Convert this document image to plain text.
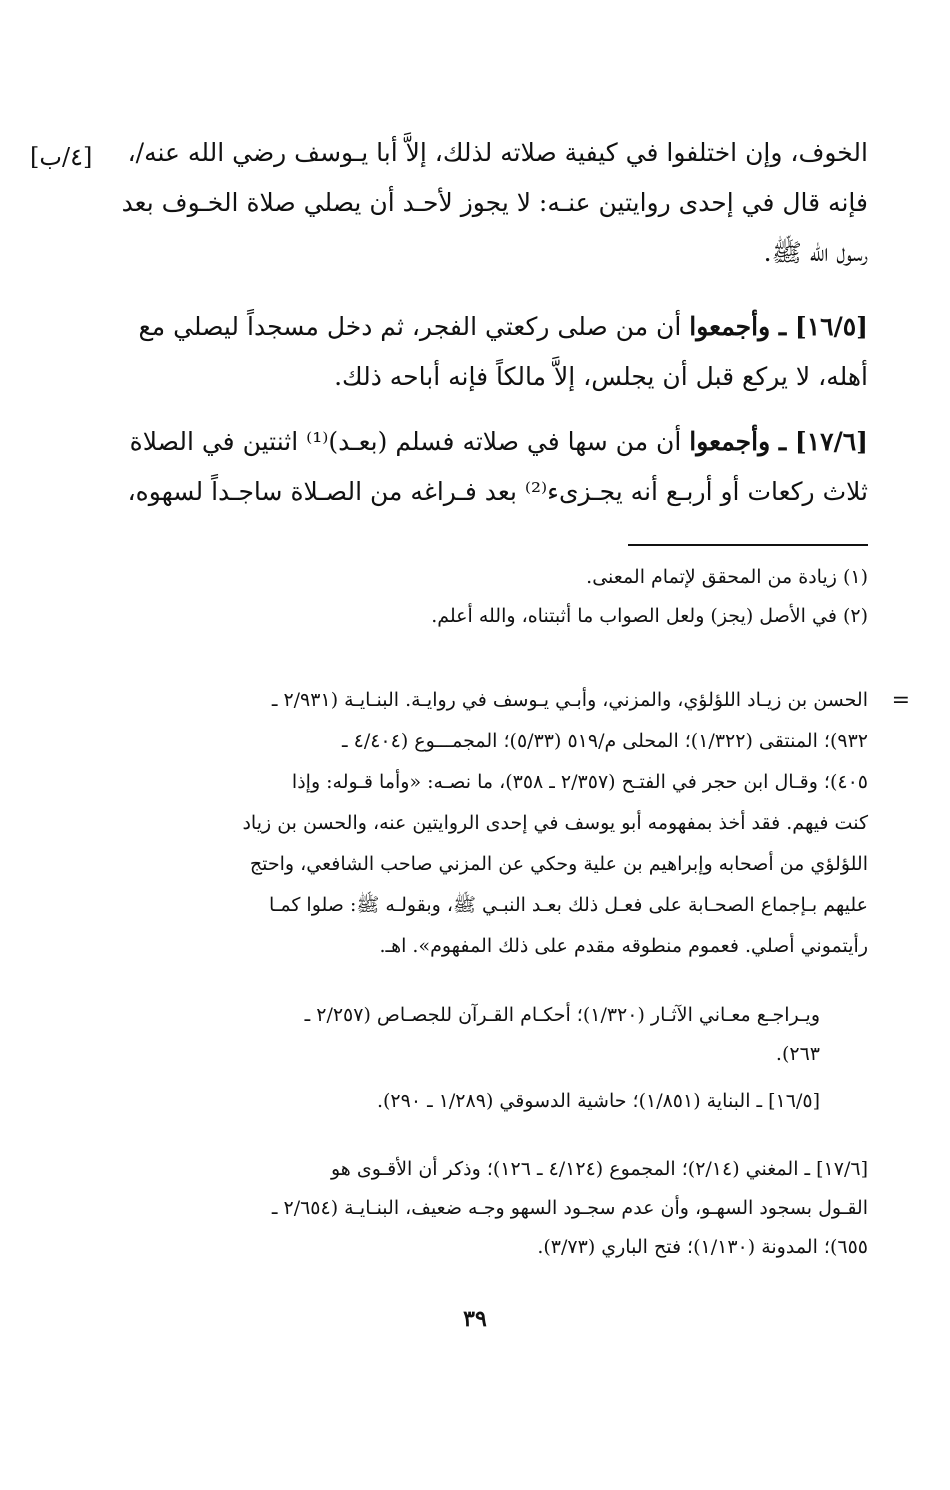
[٤/ب] الخوف، وإن اختلفوا في كيفية صلاته لذلك، إلاَّ أبا يـوسف رضي الله عنه/،
فإنه قال في إحدى روايتين عنـه: لا يجوز لأحـد أن يصلي صلاة الخـوف بعد
رسول الله ﷺ.

[١٦/٥] ـ وأجمعوا أن من صلى ركعتي الفجر، ثم دخل مسجداً ليصلي مع
أهله، لا يركع قبل أن يجلس، إلاَّ مالكاً فإنه أباحه ذلك.

[١٧/٦] ـ وأجمعوا أن من سها في صلاته فسلم (بعـد)⁽¹⁾ اثنتين في الصلاة
ثلاث ركعات أو أربـع أنه يجـزىء⁽²⁾ بعد فـراغه من الصـلاة ساجـداً لسهوه،

(١) زيادة من المحقق لإتمام المعنى.
(٢) في الأصل (يجز) ولعل الصواب ما أثبتناه، والله أعلم.

=

الحسن بن زيـاد اللؤلؤي، والمزني، وأبـي يـوسف في روايـة. البنـايـة (٢/٩٣١ ـ
٩٣٢)؛ المنتقى (١/٣٢٢)؛ المحلى م/٥١٩ (٥/٣٣)؛ المجمـــوع (٤/٤٠٤ ـ
٤٠٥)؛ وقـال ابن حجر في الفتـح (٢/٣٥٧ ـ ٣٥٨)، ما نصـه: «وأما قـوله: وإذا
كنت فيهم. فقد أخذ بمفهومه أبو يوسف في إحدى الروايتين عنه، والحسن بن زياد
اللؤلؤي من أصحابه وإبراهيم بن علية وحكي عن المزني صاحب الشافعي، واحتج
عليهم بـإجماع الصحـابة على فعـل ذلك بعـد النبـي ﷺ، وبقولـه ﷺ: صلوا كمـا
رأيتموني أصلي. فعموم منطوقه مقدم على ذلك المفهوم». اهـ.

ويـراجـع معـاني الآثـار (١/٣٢٠)؛ أحكـام القـرآن للجصـاص (٢/٢٥٧ ـ
٢٦٣).

[١٦/٥] ـ البناية (١/٨٥١)؛ حاشية الدسوقي (١/٢٨٩ ـ ٢٩٠).

[١٧/٦] ـ المغني (٢/١٤)؛ المجموع (٤/١٢٤ ـ ١٢٦)؛ وذكر أن الأقـوى هو
القـول بسجود السهـو، وأن عدم سجـود السهو وجـه ضعيف، البنـايـة (٢/٦٥٤ ـ
٦٥٥)؛ المدونة (١/١٣٠)؛ فتح الباري (٣/٧٣).

٣٩
